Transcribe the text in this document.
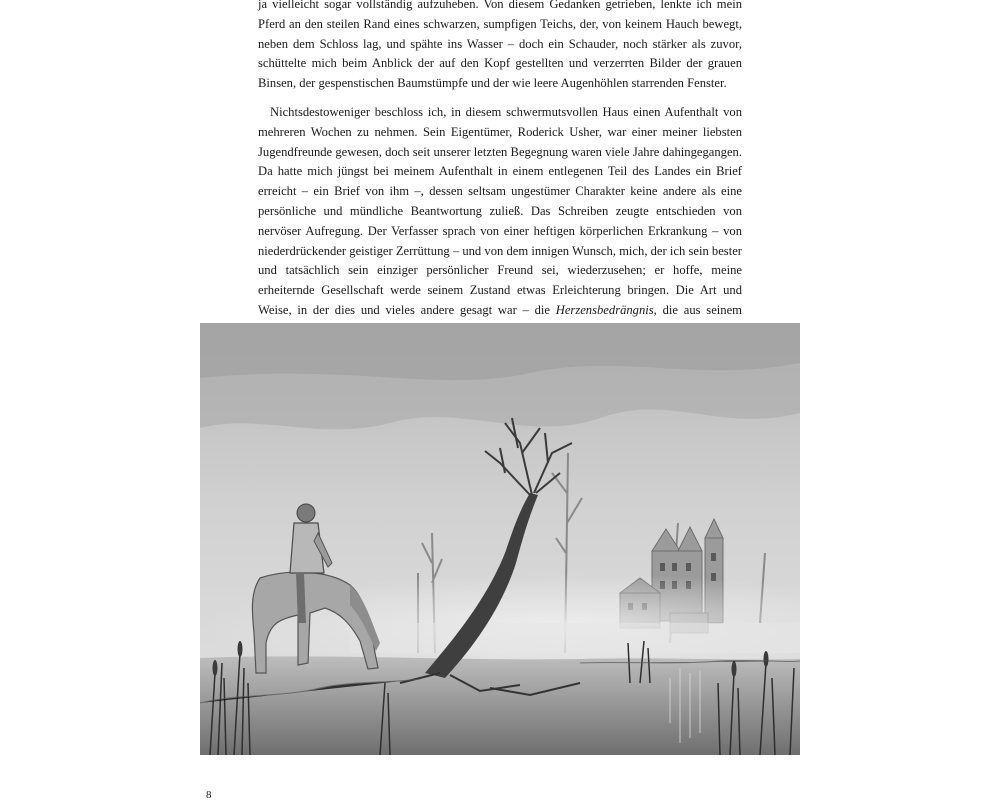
ja vielleicht sogar vollständig aufzuheben. Von diesem Gedanken getrieben, lenkte ich mein Pferd an den steilen Rand eines schwarzen, sumpfigen Teichs, der, von keinem Hauch bewegt, neben dem Schloss lag, und spähte ins Wasser – doch ein Schauder, noch stärker als zuvor, schüttelte mich beim Anblick der auf den Kopf gestellten und verzerrten Bilder der grauen Binsen, der gespenstischen Baumstümpfe und der wie leere Augenhöhlen starrenden Fenster.
Nichtsdestoweniger beschloss ich, in diesem schwermutsvollen Haus einen Aufenthalt von mehreren Wochen zu nehmen. Sein Eigentümer, Roderick Usher, war einer meiner liebsten Jugendfreunde gewesen, doch seit unserer letzten Begegnung waren viele Jahre dahingegangen. Da hatte mich jüngst bei meinem Aufenthalt in einem entlegenen Teil des Landes ein Brief erreicht – ein Brief von ihm –, dessen seltsam ungestümer Charakter keine andere als eine persönliche und mündliche Beantwortung zuließ. Das Schreiben zeugte entschieden von nervöser Aufregung. Der Verfasser sprach von einer heftigen körperlichen Erkrankung – von niederdrückender geistiger Zerrüttung – und von dem innigen Wunsch, mich, der ich sein bester und tatsächlich sein einziger persönlicher Freund sei, wiederzusehen; er hoffe, meine erheiternde Gesellschaft werde seinem Zustand etwas Erleichterung bringen. Die Art und Weise, in der dies und vieles andere gesagt war – die Herzensbedrängnis, die aus seinem
8
